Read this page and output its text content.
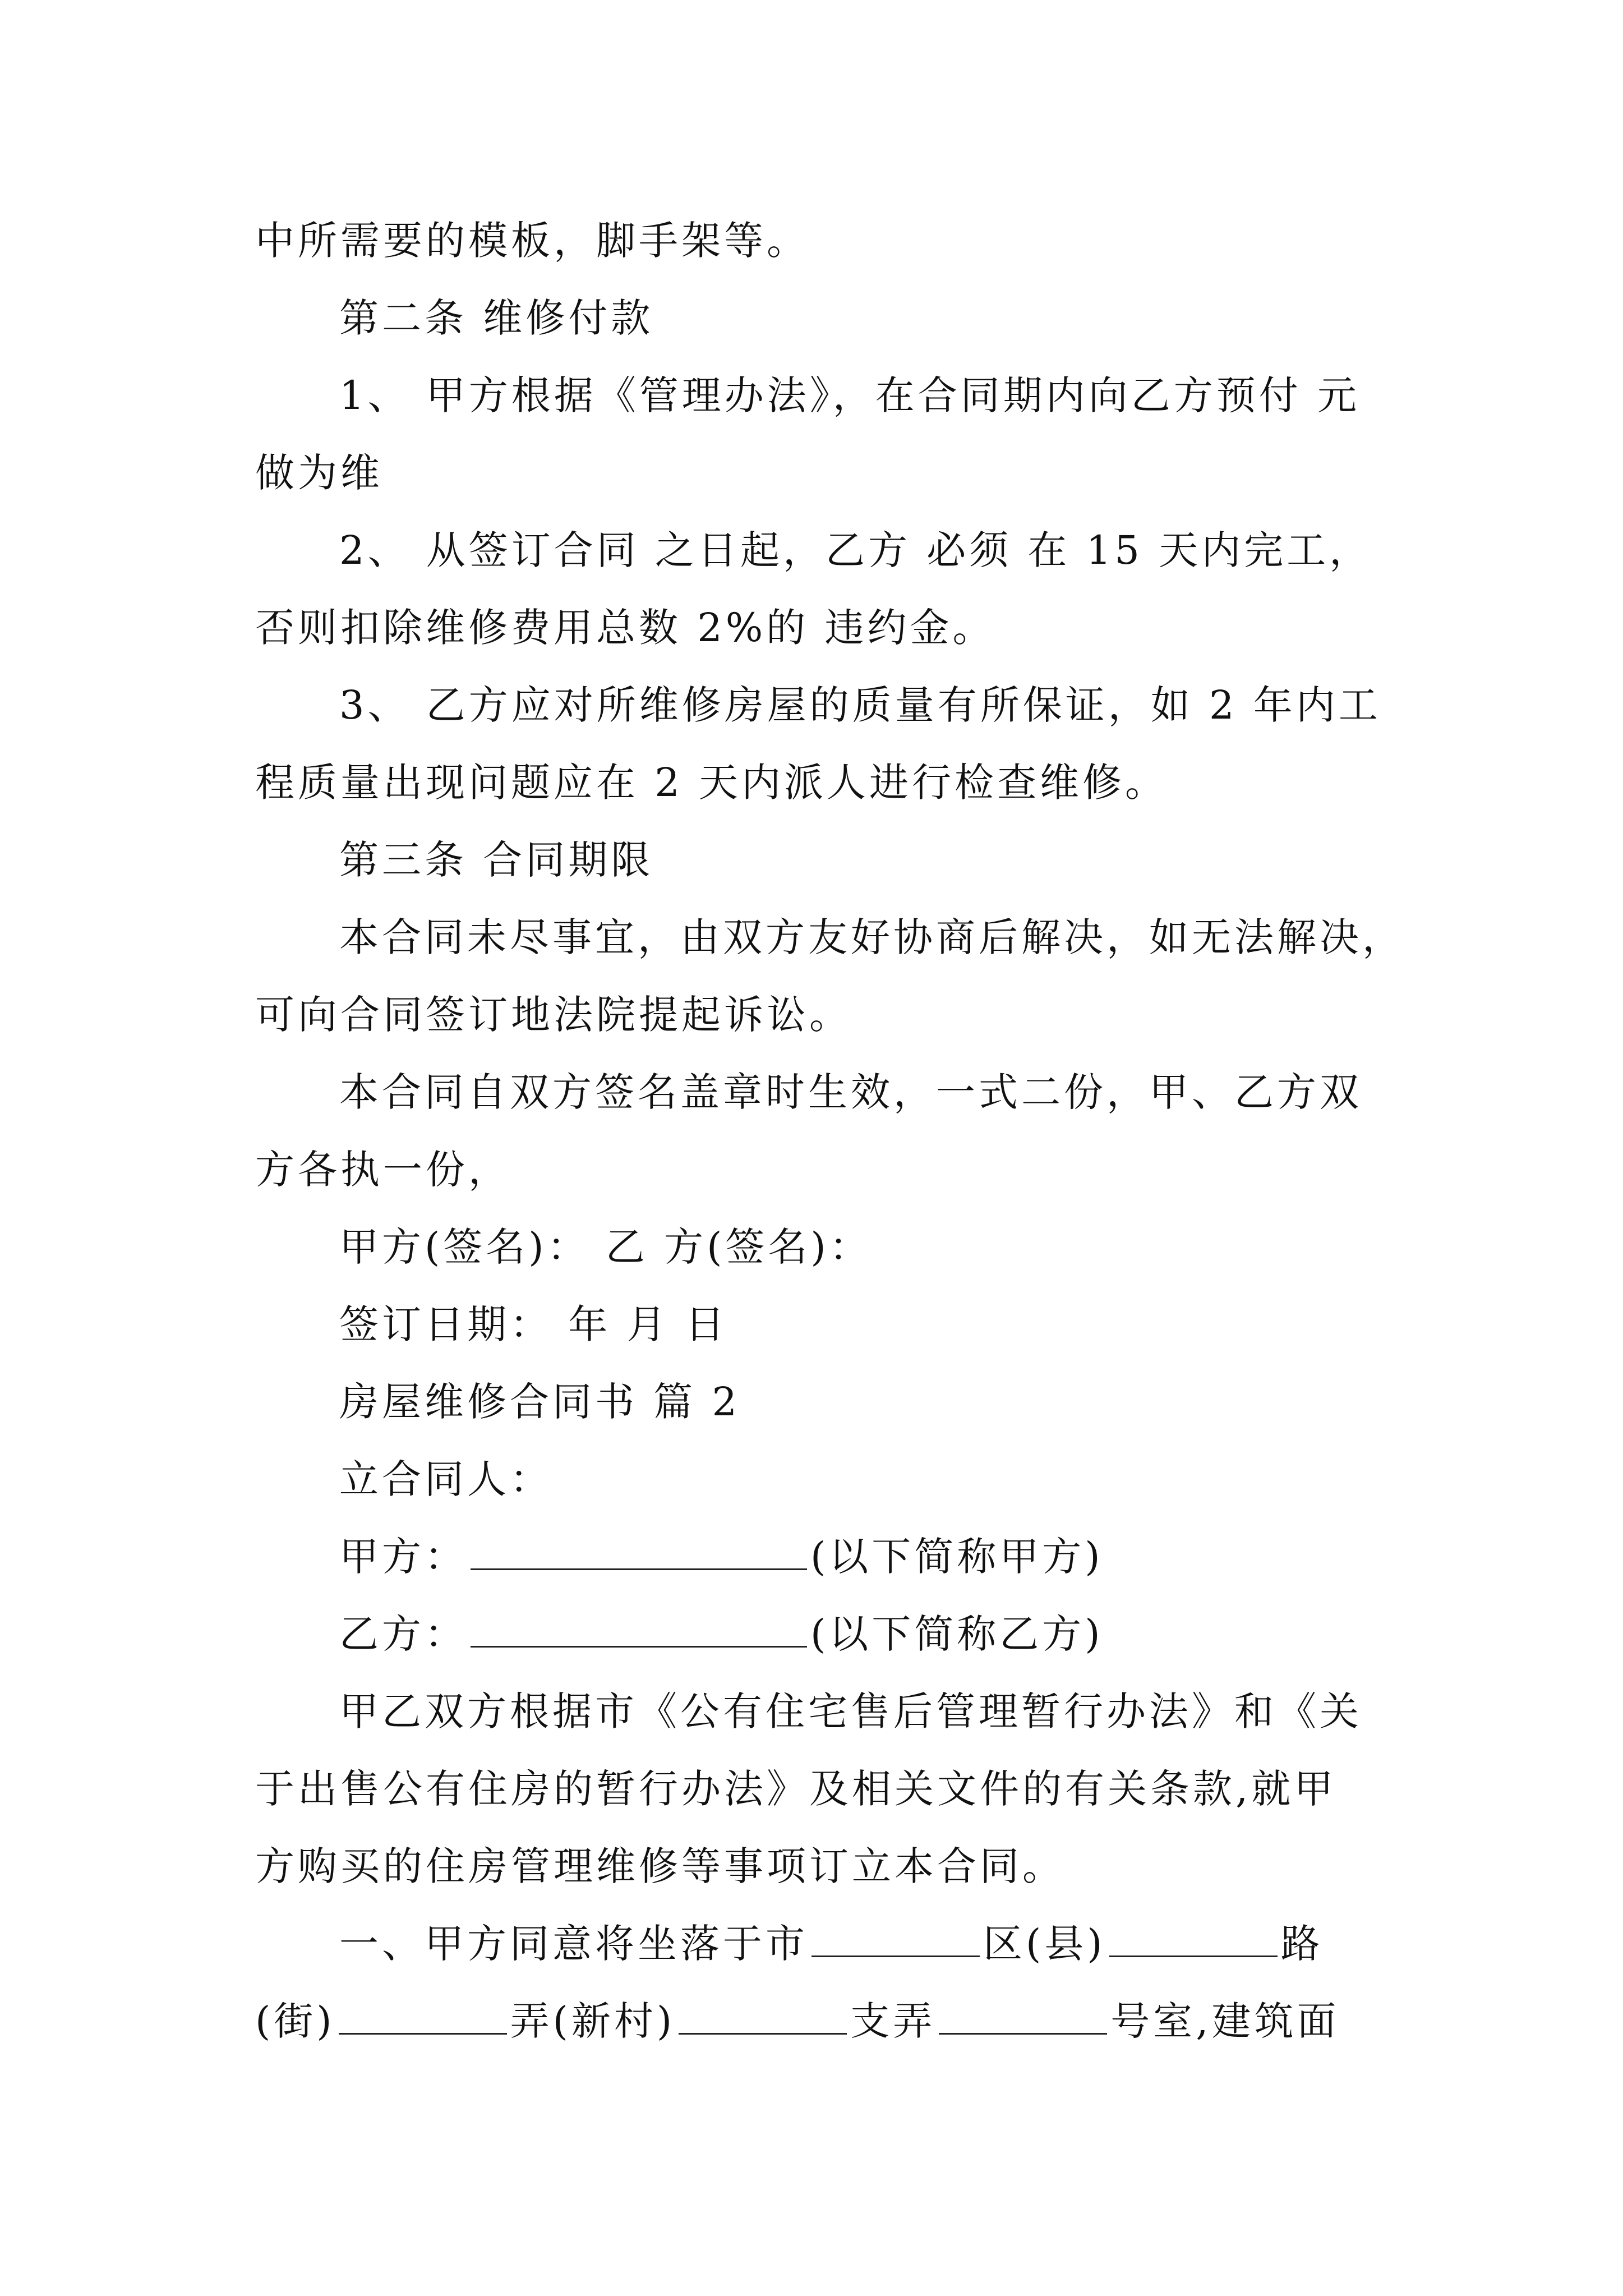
中所需要的模板，脚手架等。
第二条 维修付款
1、 甲方根据《管理办法》，在合同期内向乙方预付 元
做为维
2、 从签订合同 之日起，乙方 必须 在 15 天内完工，
否则扣除维修费用总数 2%的 违约金。
3、 乙方应对所维修房屋的质量有所保证，如 2 年内工
程质量出现问题应在 2 天内派人进行检查维修。
第三条 合同期限
本合同未尽事宜，由双方友好协商后解决，如无法解决，
可向合同签订地法院提起诉讼。
本合同自双方签名盖章时生效，一式二份，甲、乙方双
方各执一份，
甲方(签名)： 乙 方(签名)：
签订日期： 年 月 日
房屋维修合同书 篇 2
立合同人：
甲方：	(以下简称甲方)
乙方：	(以下简称乙方)
甲乙双方根据市《公有住宅售后管理暂行办法》和《关
于出售公有住房的暂行办法》及相关文件的有关条款,就甲
方购买的住房管理维修等事项订立本合同。
一、甲方同意将坐落于市	区(县)	路
(街)	弄(新村)	支弄	号室,建筑面
